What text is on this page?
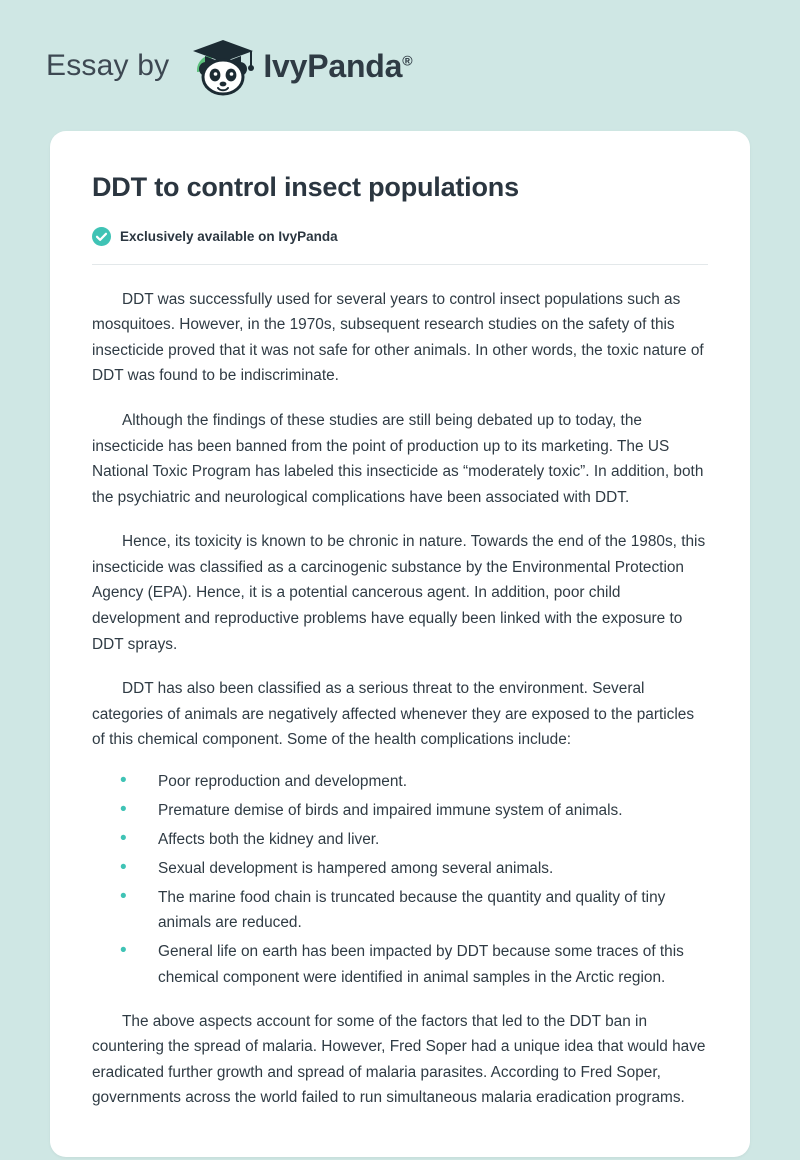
Essay by	IvyPanda®
DDT to control insect populations
Exclusively available on IvyPanda

DDT was successfully used for several years to control insect populations such as mosquitoes. However, in the 1970s, subsequent research studies on the safety of this insecticide proved that it was not safe for other animals. In other words, the toxic nature of DDT was found to be indiscriminate.

Although the findings of these studies are still being debated up to today, the insecticide has been banned from the point of production up to its marketing. The US National Toxic Program has labeled this insecticide as “moderately toxic”. In addition, both the psychiatric and neurological complications have been associated with DDT.

Hence, its toxicity is known to be chronic in nature. Towards the end of the 1980s, this insecticide was classified as a carcinogenic substance by the Environmental Protection Agency (EPA). Hence, it is a potential cancerous agent. In addition, poor child development and reproductive problems have equally been linked with the exposure to DDT sprays.

DDT has also been classified as a serious threat to the environment. Several categories of animals are negatively affected whenever they are exposed to the particles of this chemical component. Some of the health complications include:

• Poor reproduction and development.
• Premature demise of birds and impaired immune system of animals.
• Affects both the kidney and liver.
• Sexual development is hampered among several animals.
• The marine food chain is truncated because the quantity and quality of tiny animals are reduced.
• General life on earth has been impacted by DDT because some traces of this chemical component were identified in animal samples in the Arctic region.

The above aspects account for some of the factors that led to the DDT ban in countering the spread of malaria. However, Fred Soper had a unique idea that would have eradicated further growth and spread of malaria parasites. According to Fred Soper, governments across the world failed to run simultaneous malaria eradication programs.
